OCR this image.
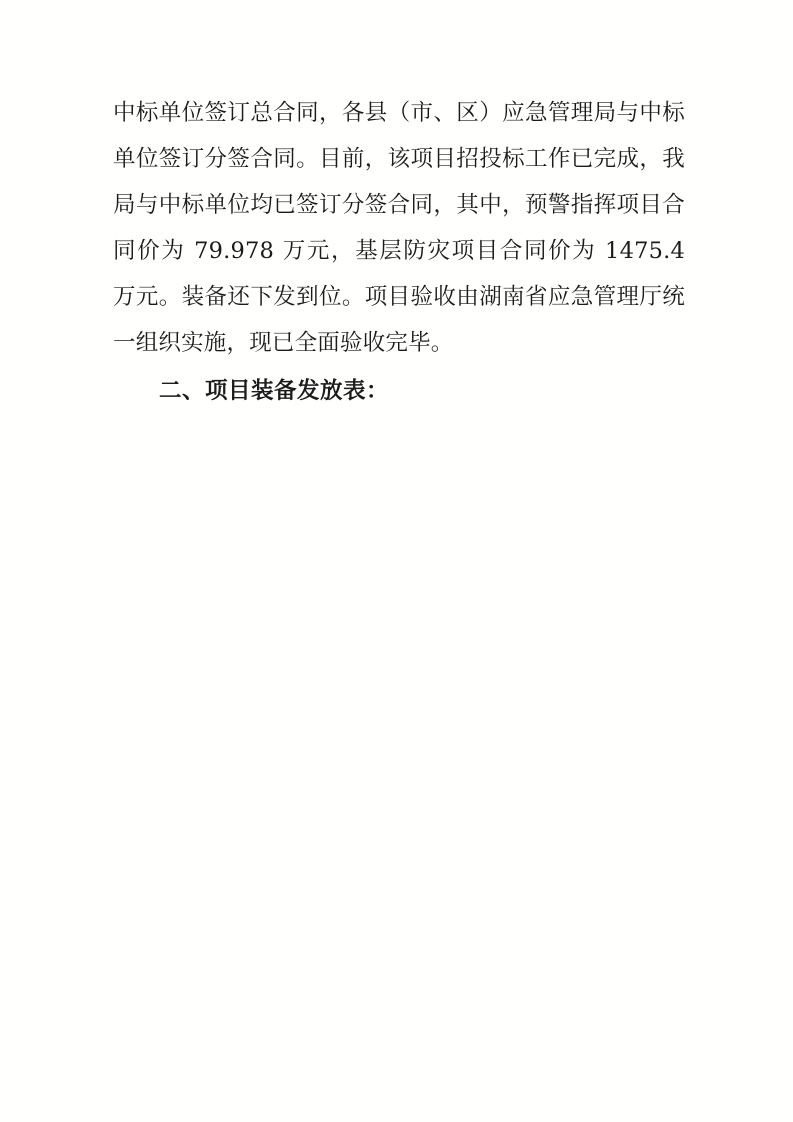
中标单位签订总合同，各县（市、区）应急管理局与中标单位签订分签合同。目前，该项目招投标工作已完成，我局与中标单位均已签订分签合同，其中，预警指挥项目合同价为 79.978 万元，基层防灾项目合同价为 1475.4 万元。装备还下发到位。项目验收由湖南省应急管理厅统一组织实施，现已全面验收完毕。

二、项目装备发放表：
